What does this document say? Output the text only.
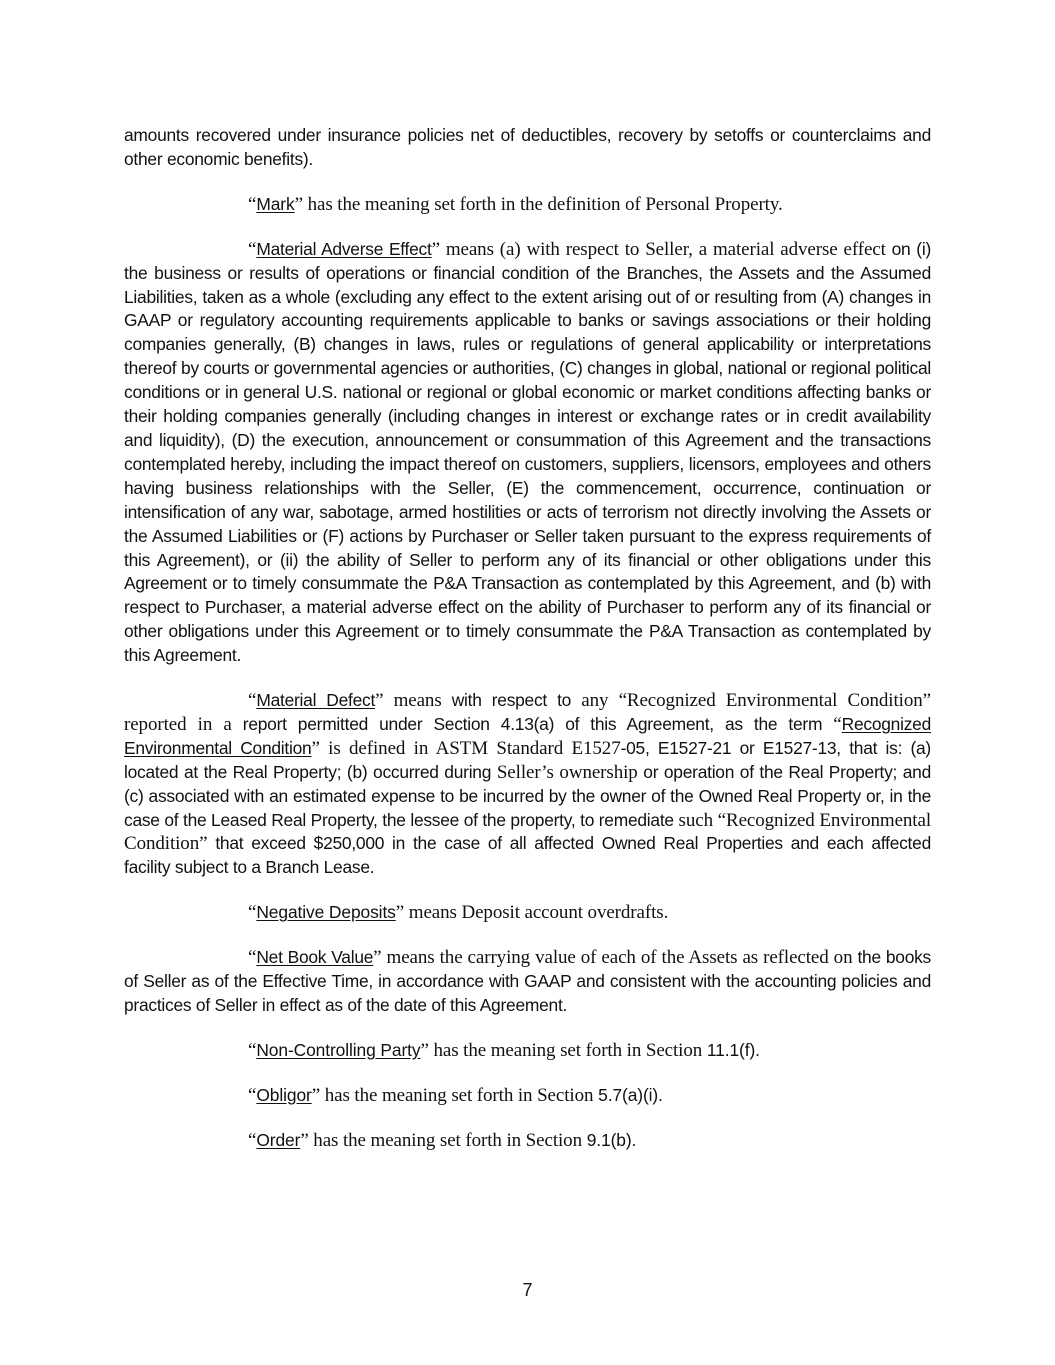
amounts recovered under insurance policies net of deductibles, recovery by setoffs or counterclaims and other economic benefits).

“Mark” has the meaning set forth in the definition of Personal Property.

“Material Adverse Effect” means (a) with respect to Seller, a material adverse effect on (i) the business or results of operations or financial condition of the Branches, the Assets and the Assumed Liabilities, taken as a whole (excluding any effect to the extent arising out of or resulting from (A) changes in GAAP or regulatory accounting requirements applicable to banks or savings associations or their holding companies generally, (B) changes in laws, rules or regulations of general applicability or interpretations thereof by courts or governmental agencies or authorities, (C) changes in global, national or regional political conditions or in general U.S. national or regional or global economic or market conditions affecting banks or their holding companies generally (including changes in interest or exchange rates or in credit availability and liquidity), (D) the execution, announcement or consummation of this Agreement and the transactions contemplated hereby, including the impact thereof on customers, suppliers, licensors, employees and others having business relationships with the Seller, (E) the commencement, occurrence, continuation or intensification of any war, sabotage, armed hostilities or acts of terrorism not directly involving the Assets or the Assumed Liabilities or (F) actions by Purchaser or Seller taken pursuant to the express requirements of this Agreement), or (ii) the ability of Seller to perform any of its financial or other obligations under this Agreement or to timely consummate the P&A Transaction as contemplated by this Agreement, and (b) with respect to Purchaser, a material adverse effect on the ability of Purchaser to perform any of its financial or other obligations under this Agreement or to timely consummate the P&A Transaction as contemplated by this Agreement.

“Material Defect” means with respect to any “Recognized Environmental Condition” reported in a report permitted under Section 4.13(a) of this Agreement, as the term “Recognized Environmental Condition” is defined in ASTM Standard E1527-05, E1527-21 or E1527-13, that is: (a) located at the Real Property; (b) occurred during Seller’s ownership or operation of the Real Property; and (c) associated with an estimated expense to be incurred by the owner of the Owned Real Property or, in the case of the Leased Real Property, the lessee of the property, to remediate such “Recognized Environmental Condition” that exceed $250,000 in the case of all affected Owned Real Properties and each affected facility subject to a Branch Lease.

“Negative Deposits” means Deposit account overdrafts.

“Net Book Value” means the carrying value of each of the Assets as reflected on the books of Seller as of the Effective Time, in accordance with GAAP and consistent with the accounting policies and practices of Seller in effect as of the date of this Agreement.

“Non-Controlling Party” has the meaning set forth in Section 11.1(f).

“Obligor” has the meaning set forth in Section 5.7(a)(i).

“Order” has the meaning set forth in Section 9.1(b).

7
